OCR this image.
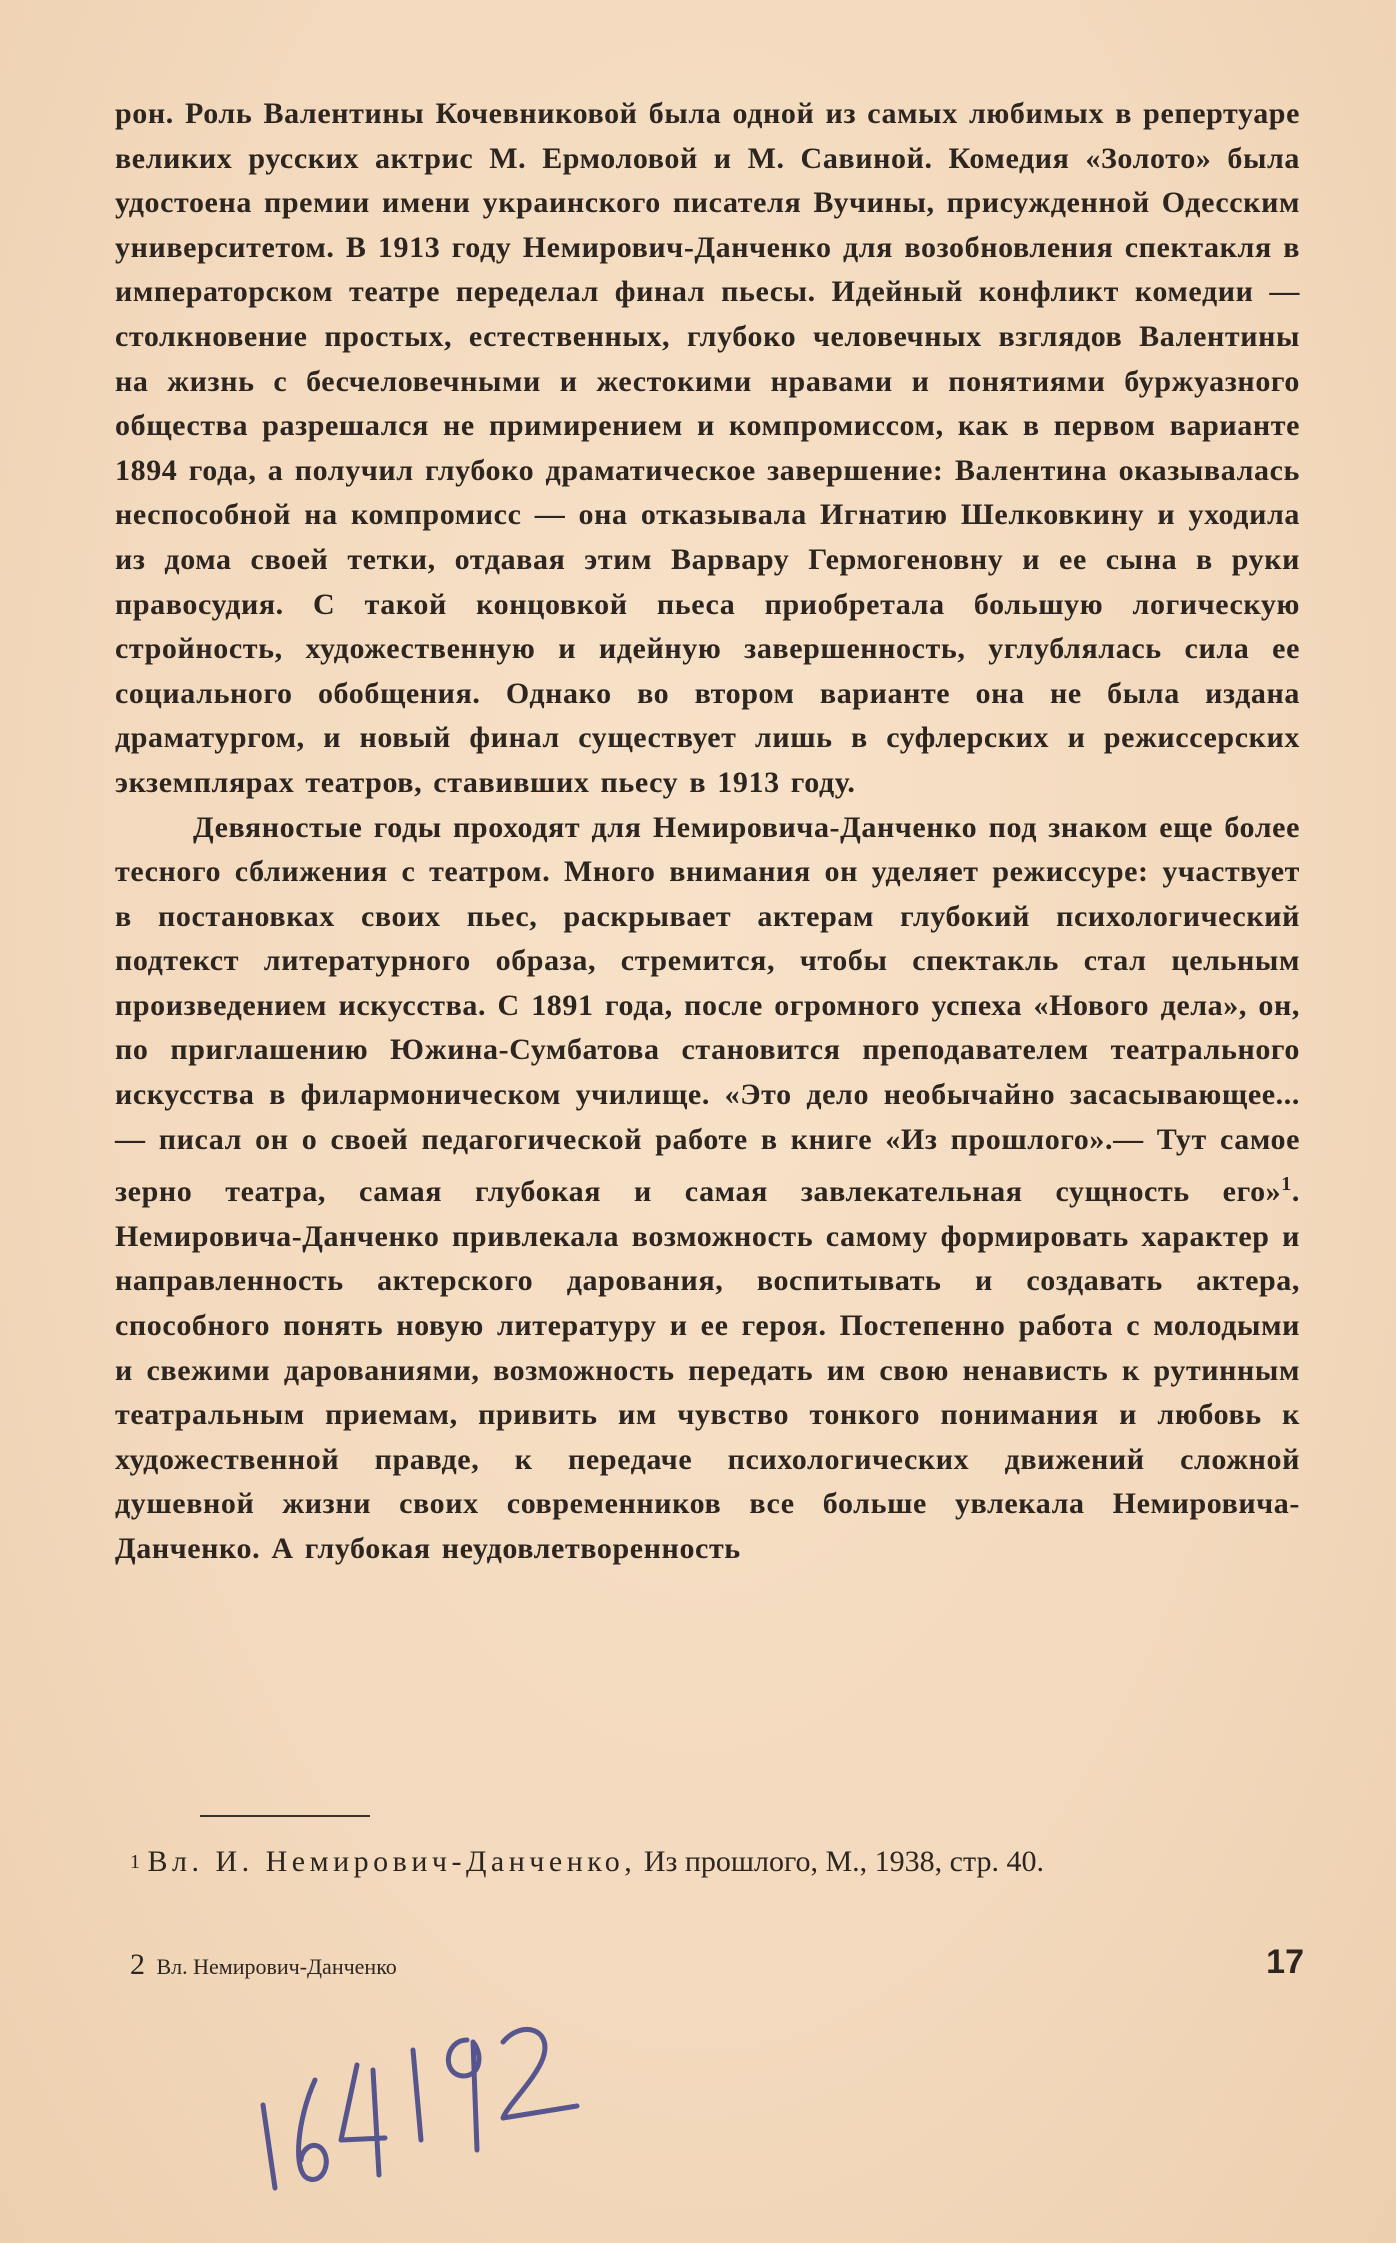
рон. Роль Валентины Кочевниковой была одной из самых любимых в репертуаре великих русских актрис М. Ермоловой и М. Савиной. Комедия «Золото» была удостоена премии имени украинского писателя Вучины, присужденной Одесским университетом. В 1913 году Немирович-Данченко для возобновления спектакля в императорском театре переделал финал пьесы. Идейный конфликт комедии — столкновение простых, естественных, глубоко человечных взглядов Валентины на жизнь с бесчеловечными и жестокими нравами и понятиями буржуазного общества разрешался не примирением и компромиссом, как в первом варианте 1894 года, а получил глубоко драматическое завершение: Валентина оказывалась неспособной на компромисс — она отказывала Игнатию Шелковкину и уходила из дома своей тетки, отдавая этим Варвару Гермогеновну и ее сына в руки правосудия. С такой концовкой пьеса приобретала большую логическую стройность, художественную и идейную завершенность, углублялась сила ее социального обобщения. Однако во втором варианте она не была издана драматургом, и новый финал существует лишь в суфлерских и режиссерских экземплярах театров, ставивших пьесу в 1913 году.

Девяностые годы проходят для Немировича-Данченко под знаком еще более тесного сближения с театром. Много внимания он уделяет режиссуре: участвует в постановках своих пьес, раскрывает актерам глубокий психологический подтекст литературного образа, стремится, чтобы спектакль стал цельным произведением искусства. С 1891 года, после огромного успеха «Нового дела», он, по приглашению Южина-Сумбатова становится преподавателем театрального искусства в филармоническом училище. «Это дело необычайно засасывающее...— писал он о своей педагогической работе в книге «Из прошлого».— Тут самое зерно театра, самая глубокая и самая завлекательная сущность его»$^1$. Немировича-Данченко привлекала возможность самому формировать характер и направленность актерского дарования, воспитывать и создавать актера, способного понять новую литературу и ее героя. Постепенно работа с молодыми и свежими дарованиями, возможность передать им свою ненависть к рутинным театральным приемам, привить им чувство тонкого понимания и любовь к художественной правде, к передаче психологических движений сложной душевной жизни своих современников все больше увлекала Немировича-Данченко. А глубокая неудовлетворенность

$^1$ Вл. И. Немирович-Данченко, Из прошлого, М., 1938, стр. 40.

2 Вл. Немирович-Данченко	17
